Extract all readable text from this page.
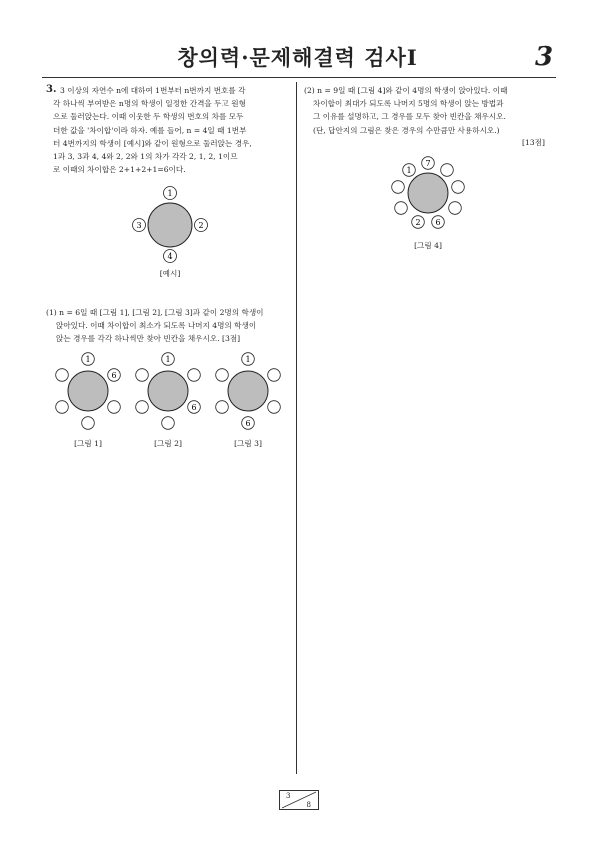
창의력·문제해결력 검사Ⅰ	3
3. 3 이상의 자연수 n에 대하여 1번부터 n번까지 번호를 각
각 하나씩 부여받은 n명의 학생이 일정한 간격을 두고 원형
으로 둘러앉는다. 이때 이웃한 두 학생의 번호의 차를 모두
더한 값을 '차이합'이라 하자. 예를 들어, n = 4일 때 1번부
터 4번까지의 학생이 [예시]와 같이 원형으로 둘러앉는 경우,
1과 3, 3과 4, 4와 2, 2와 1의 차가 각각 2, 1, 2, 1이므
로 이때의 차이합은 2+1+2+1=6이다.
1
2
4
3
[예시]
(1) n = 6일 때 [그림 1], [그림 2], [그림 3]과 같이 2명의 학생이
앉아있다. 이때 차이합이 최소가 되도록 나머지 4명의 학생이
앉는 경우를 각각 하나씩만 찾아 빈칸을 채우시오. [3점]
1
6
[그림 1]
1
6
[그림 2]
1
6
[그림 3]
(2) n = 9일 때 [그림 4]와 같이 4명의 학생이 앉아있다. 이때
차이합이 최대가 되도록 나머지 5명의 학생이 앉는 방법과
그 이유를 설명하고, 그 경우를 모두 찾아 빈칸을 채우시오.
(단, 답안지의 그림은 찾은 경우의 수만큼만 사용하시오.)
[13점]
7
6
2
1
[그림 4]
3
8
